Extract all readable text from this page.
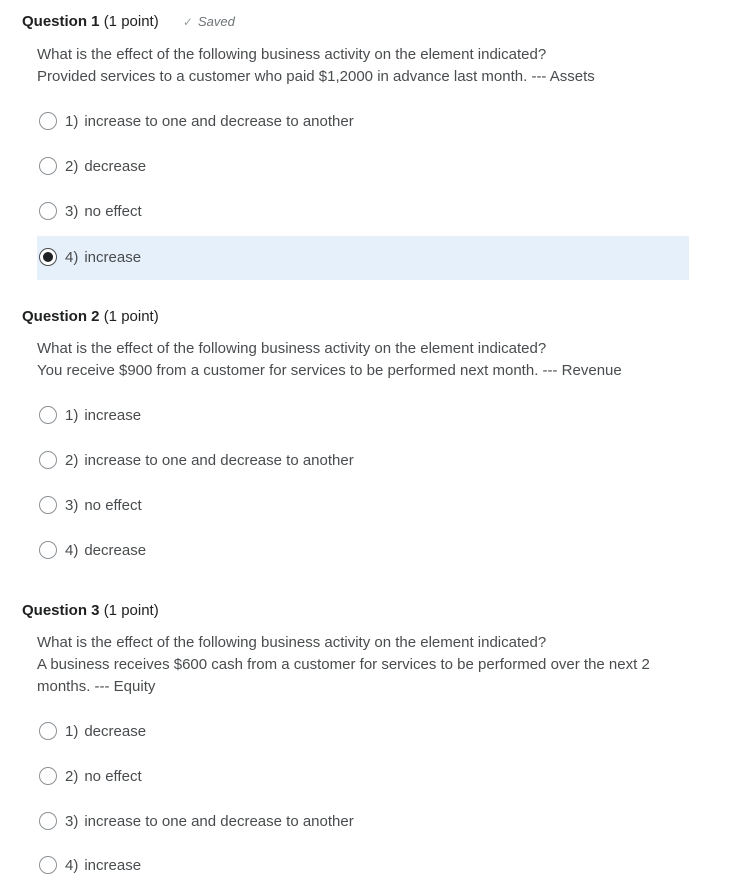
Question 1 (1 point) ✓ Saved
What is the effect of the following business activity on the element indicated?
Provided services to a customer who paid $1,2000 in advance last month. --- Assets
1) increase to one and decrease to another
2) decrease
3) no effect
4) increase
Question 2 (1 point)
What is the effect of the following business activity on the element indicated?
You receive $900 from a customer for services to be performed next month. --- Revenue
1) increase
2) increase to one and decrease to another
3) no effect
4) decrease
Question 3 (1 point)
What is the effect of the following business activity on the element indicated?
A business receives $600 cash from a customer for services to be performed over the next 2
months. --- Equity
1) decrease
2) no effect
3) increase to one and decrease to another
4) increase
